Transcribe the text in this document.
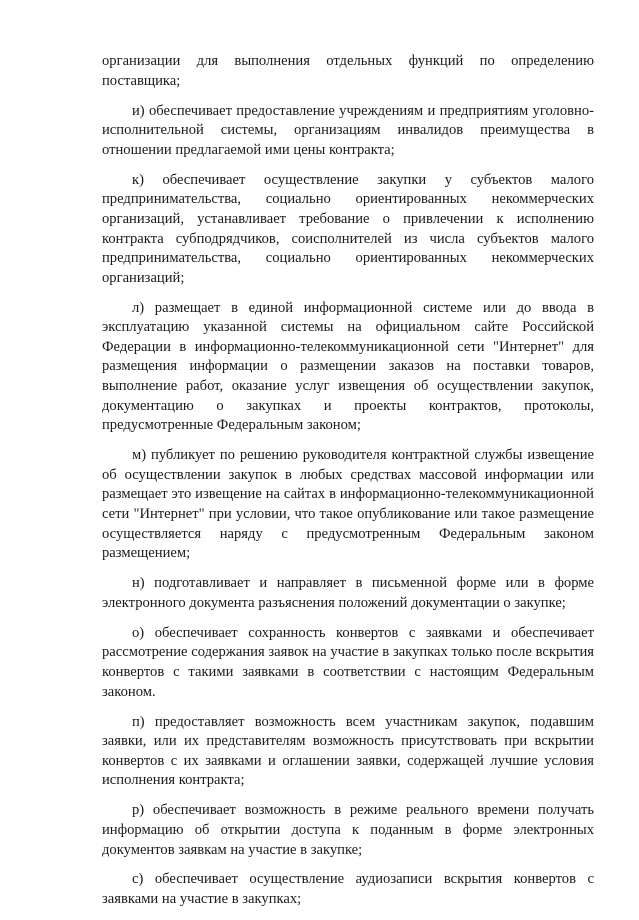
организации для выполнения отдельных функций по определению поставщика;

и) обеспечивает предоставление учреждениям и предприятиям уголовно-исполнительной системы, организациям инвалидов преимущества в отношении предлагаемой ими цены контракта;

к) обеспечивает осуществление закупки у субъектов малого предпринимательства, социально ориентированных некоммерческих организаций, устанавливает требование о привлечении к исполнению контракта субподрядчиков, соисполнителей из числа субъектов малого предпринимательства, социально ориентированных некоммерческих организаций;

л) размещает в единой информационной системе или до ввода в эксплуатацию указанной системы на официальном сайте Российской Федерации в информационно-телекоммуникационной сети "Интернет" для размещения информации о размещении заказов на поставки товаров, выполнение работ, оказание услуг извещения об осуществлении закупок, документацию о закупках и проекты контрактов, протоколы, предусмотренные Федеральным законом;

м) публикует по решению руководителя контрактной службы извещение об осуществлении закупок в любых средствах массовой информации или размещает это извещение на сайтах в информационно-телекоммуникационной сети "Интернет" при условии, что такое опубликование или такое размещение осуществляется наряду с предусмотренным Федеральным законом размещением;

н) подготавливает и направляет в письменной форме или в форме электронного документа разъяснения положений документации о закупке;

о) обеспечивает сохранность конвертов с заявками и обеспечивает рассмотрение содержания заявок на участие в закупках только после вскрытия конвертов с такими заявками в соответствии с настоящим Федеральным законом.

п) предоставляет возможность всем участникам закупок, подавшим заявки, или их представителям возможность присутствовать при вскрытии конвертов с их заявками и оглашении заявки, содержащей лучшие условия исполнения контракта;

р) обеспечивает возможность в режиме реального времени получать информацию об открытии доступа к поданным в форме электронных документов заявкам на участие в закупке;

с) обеспечивает осуществление аудиозаписи вскрытия конвертов с заявками на участие в закупках;
